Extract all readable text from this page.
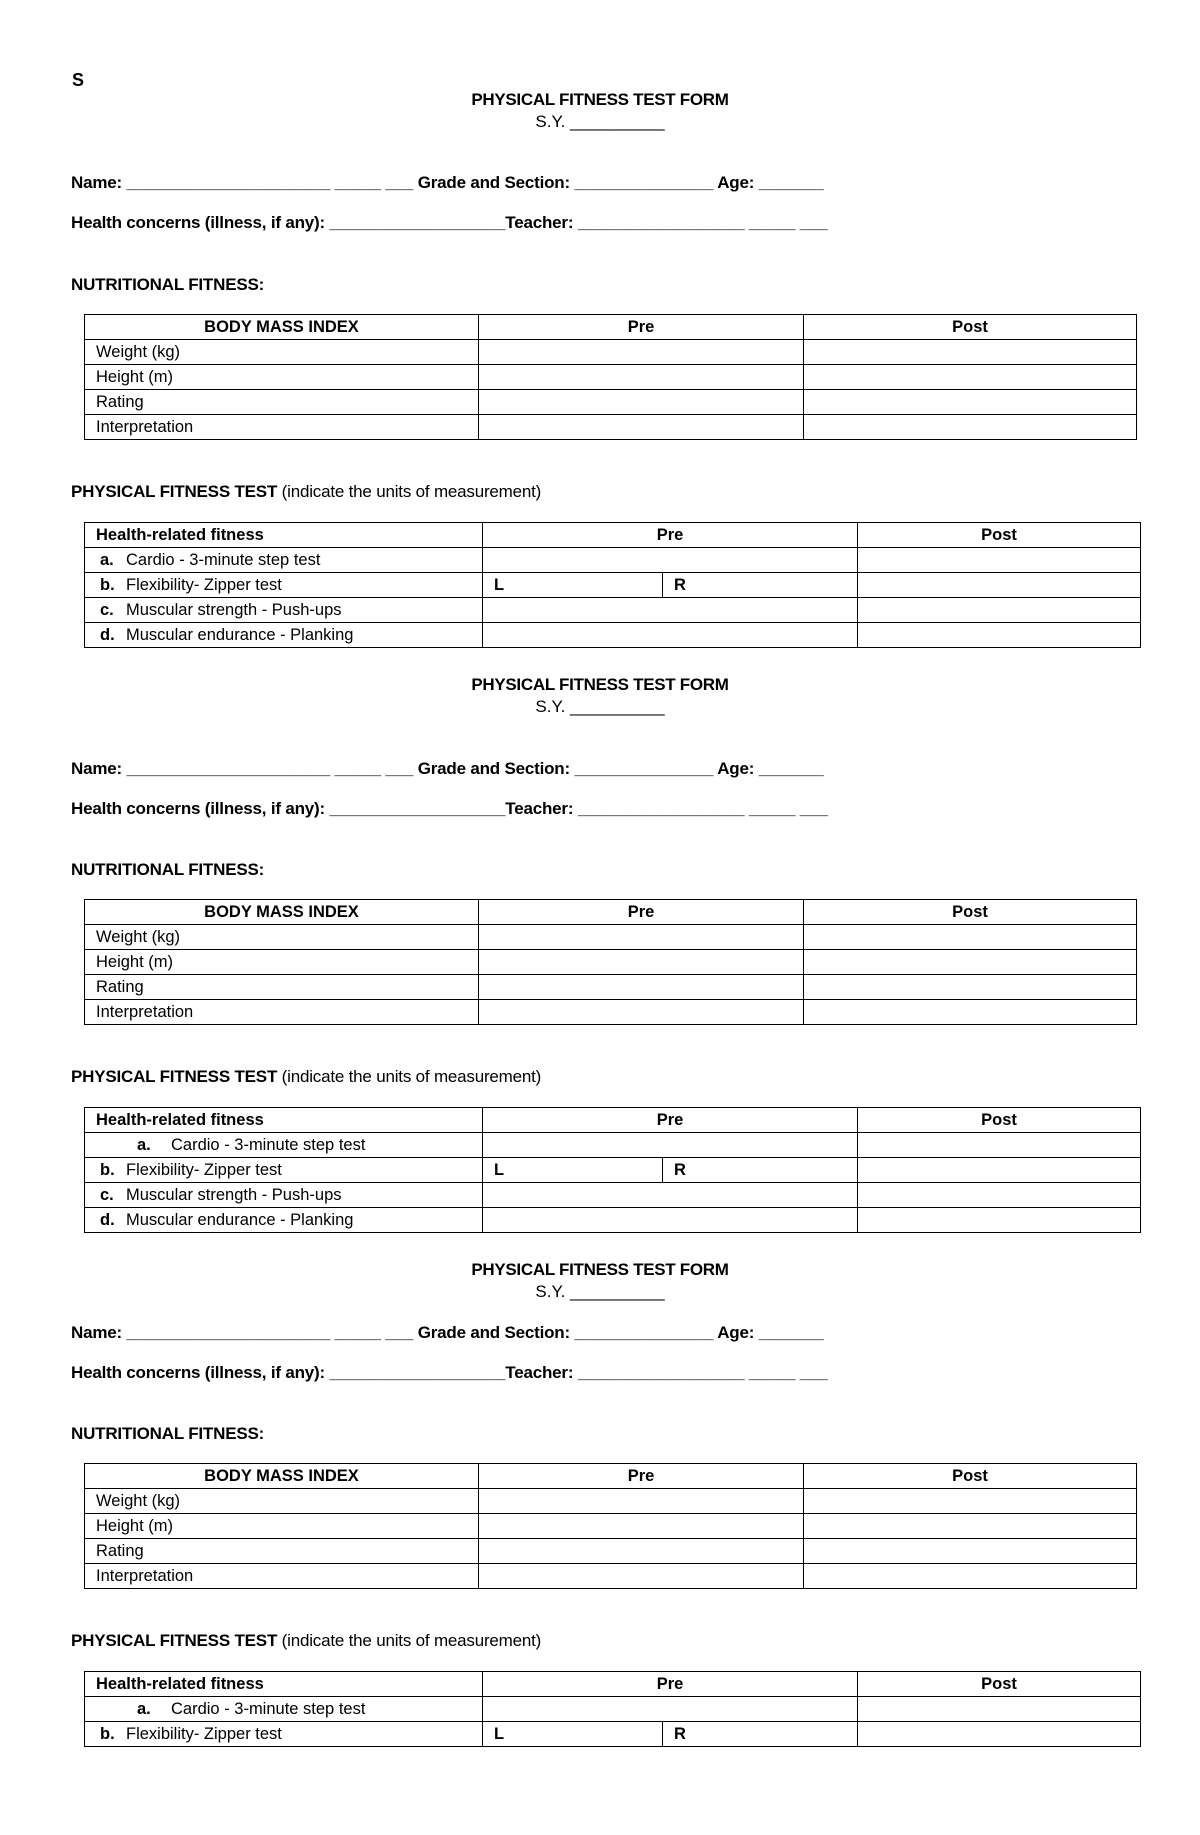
S
PHYSICAL FITNESS TEST FORM
S.Y. __________
Name: ______________________ _____ ___ Grade and Section: _______________ Age: _______
Health concerns (illness, if any): ___________________Teacher: __________________ _____ ___
NUTRITIONAL FITNESS:
BODY MASS INDEX	Pre	Post
Weight (kg)		
Height (m)		
Rating		
Interpretation		
PHYSICAL FITNESS TEST (indicate the units of measurement)
Health-related fitness	Pre		Post
a. Cardio - 3-minute step test			
b. Flexibility- Zipper test	L	R	
c. Muscular strength - Push-ups			
d. Muscular endurance - Planking			
PHYSICAL FITNESS TEST FORM
S.Y. __________
Name: ______________________ _____ ___ Grade and Section: _______________ Age: _______
Health concerns (illness, if any): ___________________Teacher: __________________ _____ ___
NUTRITIONAL FITNESS:
BODY MASS INDEX	Pre	Post
Weight (kg)		
Height (m)		
Rating		
Interpretation		
PHYSICAL FITNESS TEST (indicate the units of measurement)
Health-related fitness	Pre		Post
a. Cardio - 3-minute step test			
b. Flexibility- Zipper test	L	R	
c. Muscular strength - Push-ups			
d. Muscular endurance - Planking			
PHYSICAL FITNESS TEST FORM
S.Y. __________
Name: ______________________ _____ ___ Grade and Section: _______________ Age: _______
Health concerns (illness, if any): ___________________Teacher: __________________ _____ ___
NUTRITIONAL FITNESS:
BODY MASS INDEX	Pre	Post
Weight (kg)		
Height (m)		
Rating		
Interpretation		
PHYSICAL FITNESS TEST (indicate the units of measurement)
Health-related fitness	Pre		Post
a. Cardio - 3-minute step test			
b. Flexibility- Zipper test	L	R	
